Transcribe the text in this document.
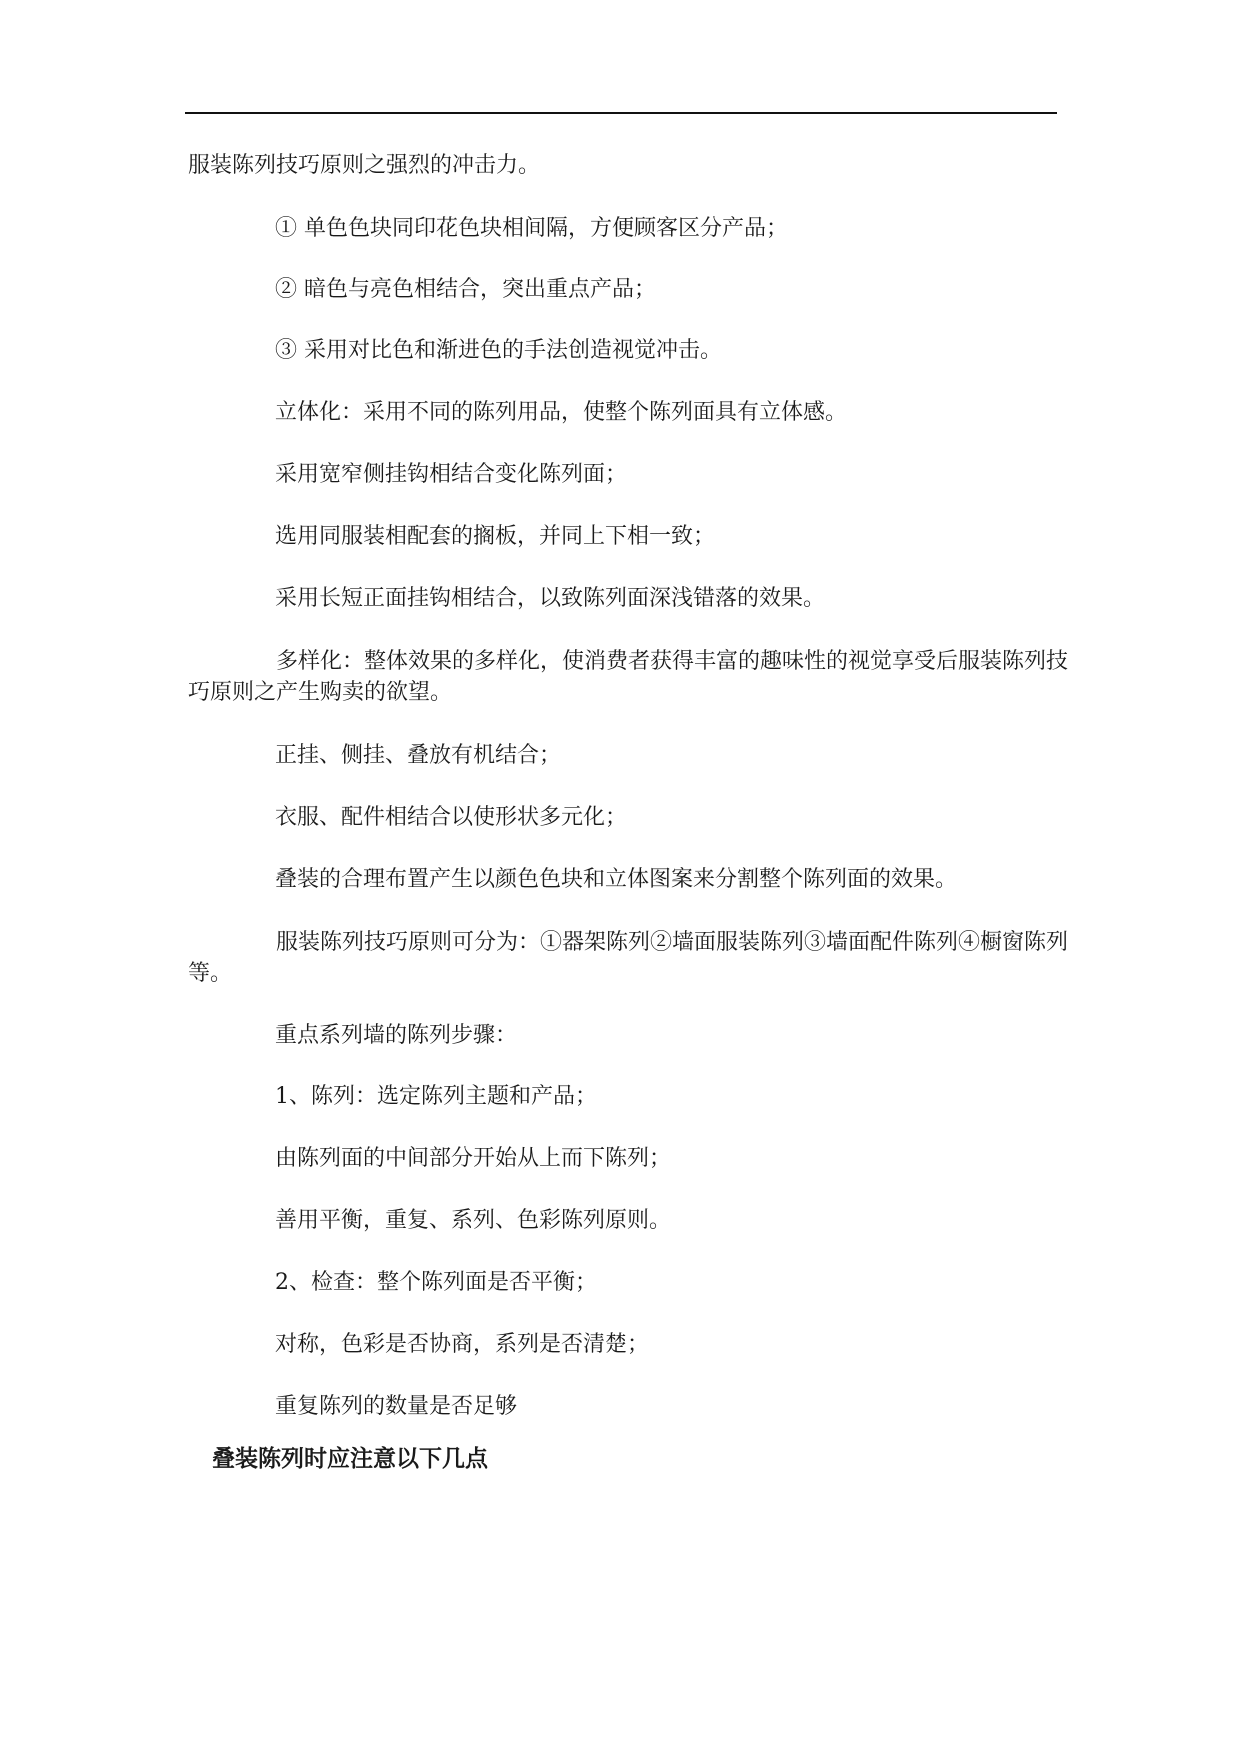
服装陈列技巧原则之强烈的冲击力。

① 单色色块同印花色块相间隔，方便顾客区分产品；

② 暗色与亮色相结合，突出重点产品；

③ 采用对比色和渐进色的手法创造视觉冲击。

立体化：采用不同的陈列用品，使整个陈列面具有立体感。

采用宽窄侧挂钩相结合变化陈列面；

选用同服装相配套的搁板，并同上下相一致；

采用长短正面挂钩相结合，以致陈列面深浅错落的效果。

多样化：整体效果的多样化，使消费者获得丰富的趣味性的视觉享受后服装陈列技巧原则之产生购卖的欲望。

正挂、侧挂、叠放有机结合；

衣服、配件相结合以使形状多元化；

叠装的合理布置产生以颜色色块和立体图案来分割整个陈列面的效果。

服装陈列技巧原则可分为：①器架陈列②墙面服装陈列③墙面配件陈列④橱窗陈列等。

重点系列墙的陈列步骤：

1、陈列：选定陈列主题和产品；

由陈列面的中间部分开始从上而下陈列；

善用平衡，重复、系列、色彩陈列原则。

2、检查：整个陈列面是否平衡；

对称，色彩是否协商，系列是否清楚；

重复陈列的数量是否足够

叠装陈列时应注意以下几点
